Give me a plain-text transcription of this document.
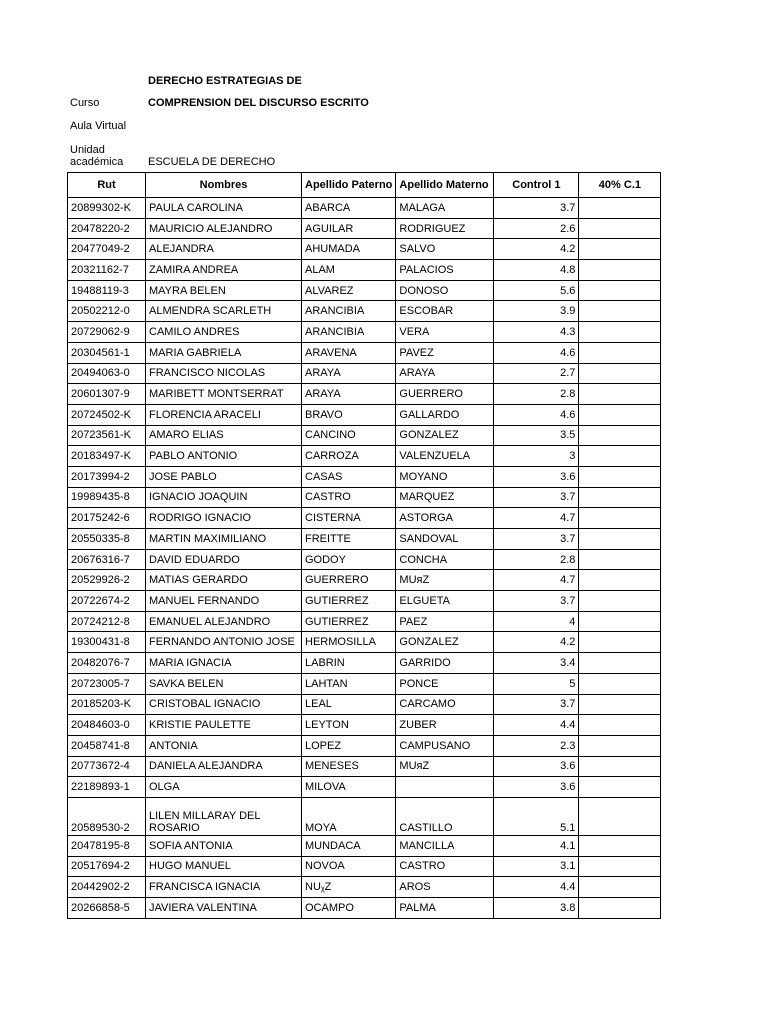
DERECHO ESTRATEGIAS DE
Curso	COMPRENSION DEL DISCURSO ESCRITO
Aula Virtual
Unidad
académica ESCUELA DE DERECHO
Rut	Nombres	Apellido Paterno	Apellido Materno	Control 1	40% C.1
20899302-K	PAULA CAROLINA	ABARCA	MALAGA	3.7	
20478220-2	MAURICIO ALEJANDRO	AGUILAR	RODRIGUEZ	2.6	
20477049-2	ALEJANDRA	AHUMADA	SALVO	4.2	
20321162-7	ZAMIRA ANDREA	ALAM	PALACIOS	4.8	
19488119-3	MAYRA BELEN	ALVAREZ	DONOSO	5.6	
20502212-0	ALMENDRA SCARLETH	ARANCIBIA	ESCOBAR	3.9	
20729062-9	CAMILO ANDRES	ARANCIBIA	VERA	4.3	
20304561-1	MARIA GABRIELA	ARAVENA	PAVEZ	4.6	
20494063-0	FRANCISCO NICOLAS	ARAYA	ARAYA	2.7	
20601307-9	MARIBETT MONTSERRAT	ARAYA	GUERRERO	2.8	
20724502-K	FLORENCIA ARACELI	BRAVO	GALLARDO	4.6	
20723561-K	AMARO ELIAS	CANCINO	GONZALEZ	3.5	
20183497-K	PABLO ANTONIO	CARROZA	VALENZUELA	3	
20173994-2	JOSE PABLO	CASAS	MOYANO	3.6	
19989435-8	IGNACIO JOAQUIN	CASTRO	MARQUEZ	3.7	
20175242-6	RODRIGO IGNACIO	CISTERNA	ASTORGA	4.7	
20550335-8	MARTIN MAXIMILIANO	FREITTE	SANDOVAL	3.7	
20676316-7	DAVID EDUARDO	GODOY	CONCHA	2.8	
20529926-2	MATIAS GERARDO	GUERRERO	MUяZ	4.7	
20722674-2	MANUEL FERNANDO	GUTIERREZ	ELGUETA	3.7	
20724212-8	EMANUEL ALEJANDRO	GUTIERREZ	PAEZ	4	
19300431-8	FERNANDO ANTONIO JOSE	HERMOSILLA	GONZALEZ	4.2	
20482076-7	MARIA IGNACIA	LABRIN	GARRIDO	3.4	
20723005-7	SAVKA BELEN	LAHTAN	PONCE	5	
20185203-K	CRISTOBAL IGNACIO	LEAL	CARCAMO	3.7	
20484603-0	KRISTIE PAULETTE	LEYTON	ZUBER	4.4	
20458741-8	ANTONIA	LOPEZ	CAMPUSANO	2.3	
20773672-4	DANIELA ALEJANDRA	MENESES	MUяZ	3.6	
22189893-1	OLGA	MILOVA		3.6	
20589530-2	LILEN MILLARAY DEL ROSARIO	MOYA	CASTILLO	5.1	
20478195-8	SOFIA ANTONIA	MUNDACA	MANCILLA	4.1	
20517694-2	HUGO MANUEL	NOVOA	CASTRO	3.1	
20442902-2	FRANCISCA IGNACIA	NUᵪZ	AROS	4.4	
20266858-5	JAVIERA VALENTINA	OCAMPO	PALMA	3.8	
